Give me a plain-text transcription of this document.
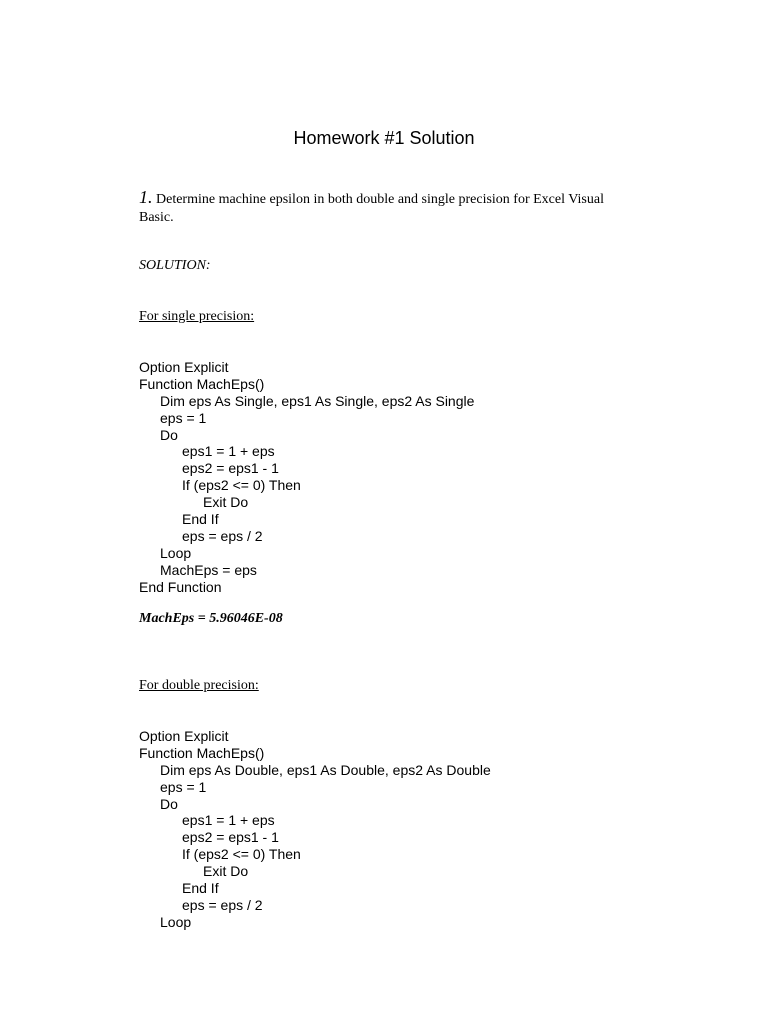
Homework #1 Solution
1. Determine machine epsilon in both double and single precision for Excel Visual Basic.
SOLUTION:
For single precision:
Option Explicit
Function MachEps()
Dim eps As Single, eps1 As Single, eps2 As Single
eps = 1
Do
eps1 = 1 + eps
eps2 = eps1 - 1
If (eps2 <= 0) Then
Exit Do
End If
eps = eps / 2
Loop
MachEps = eps
End Function
MachEps = 5.96046E-08
For double precision:
Option Explicit
Function MachEps()
Dim eps As Double, eps1 As Double, eps2 As Double
eps = 1
Do
eps1 = 1 + eps
eps2 = eps1 - 1
If (eps2 <= 0) Then
Exit Do
End If
eps = eps / 2
Loop
